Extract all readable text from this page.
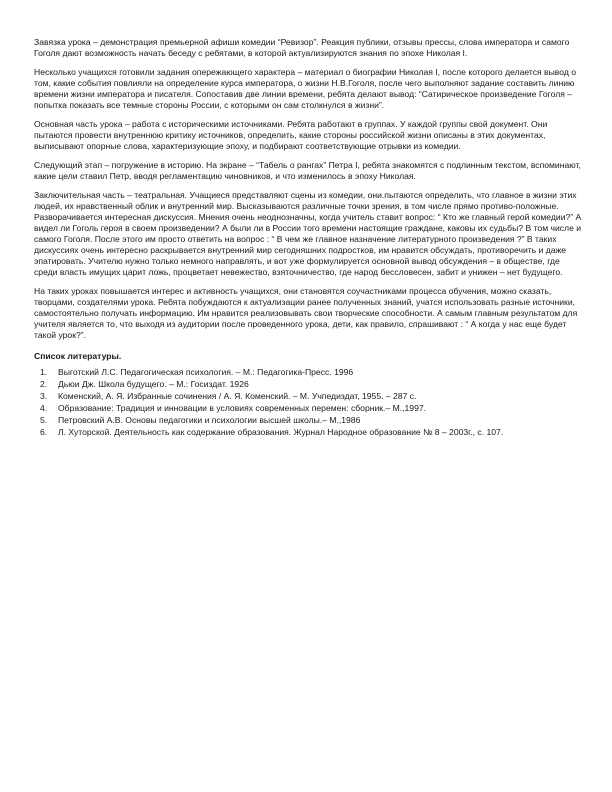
Завязка урока – демонстрация премьерной афиши комедии “Ревизор”. Реакция публики, отзывы прессы, слова императора и самого Гоголя дают возможность начать беседу с ребятами, в которой актуализируются знания по эпохе Николая I.

Несколько учащихся готовили задания опережающего характера – материал о биографии Николая I, после которого делается вывод о том, какие события повлияли на определение курса императора, о жизни Н.В.Гоголя, после чего выполняют задание составить линию времени жизни императора и писателя. Сопоставив две линии времени, ребята делают вывод: “Сатирическое произведение Гоголя – попытка показать все темные стороны России, с которыми он сам столкнулся в жизни”.

Основная часть урока – работа с историческими источниками. Ребята работают в группах. У каждой группы свой документ. Они пытаются провести внутреннюю критику источников, определить, какие стороны российской жизни описаны в этих документах, выписывают опорные слова, характеризующие эпоху, и подбирают соответствующие отрывки из комедии.

Следующий этап – погружение в историю. На экране – “Табель о рангах” Петра I, ребята знакомятся с подлинным текстом, вспоминают, какие цели ставил Петр, вводя регламентацию чиновников, и что изменилось в эпоху Николая.

Заключительная часть – театральная. Учащиеся представляют сцены из комедии, они.пытаются определить, что главное в жизни этих людей, их нравственный облик и внутренний мир. Высказываются различные точки зрения, в том числе прямо противо-положные. Разворачивается интересная дискуссия. Мнения очень неоднозначны, когда учитель ставит вопрос: “ Кто же главный герой комедии?” А видел ли Гоголь героя в своем произведении? А были ли в России того времени настоящие граждане, каковы их судьбы? В том числе и самого Гоголя. После этого им просто ответить на вопрос : “ В чем же главное назначение литературного произведения ?” В таких дискуссиях очень интересно раскрывается внутренний мир сегодняшних подростков, им нравится обсуждать, противоречить и даже эпатировать. Учителю нужно только немного направлять, и вот уже формулируется основной вывод обсуждения – в обществе, где среди власть имущих царит ложь, процветает невежество, взяточничество, где народ бессловесен, забит и унижен – нет будущего.

На таких уроках повышается интерес и активность учащихся, они становятся соучастниками процесса обучения, можно сказать, творцами, создателями урока. Ребята побуждаются к актуализации ранее полученных знаний, учатся использовать разные источники, самостоятельно получать информацию. Им нравится реализовывать свои творческие способности. А самым главным результатом для учителя является то, что выходя из аудитории после проведенного урока, дети, как правило, спрашивают : “ А когда у нас еще будет такой урок?”.

Список литературы.
1.	Выготский Л.С. Педагогическая психология. – М.: Педагогика-Пресс. 1996
2.	Дьюи Дж. Школа будущего. – М.: Госиздат. 1926
3.	Коменский, А. Я. Избранные сочинения / А. Я. Коменский. – М. Учпедиздат, 1955. – 287 с.
4.	Образование: Традиция и инновации в условиях современных перемен: сборник.– М.,1997.
5.	Петровский А.В. Основы педагогики и психологии высшей школы.– М.,1986
6.	Л. Хуторской. Деятельность как содержание образования. Журнал Народное образование № 8 – 2003г., с. 107.
